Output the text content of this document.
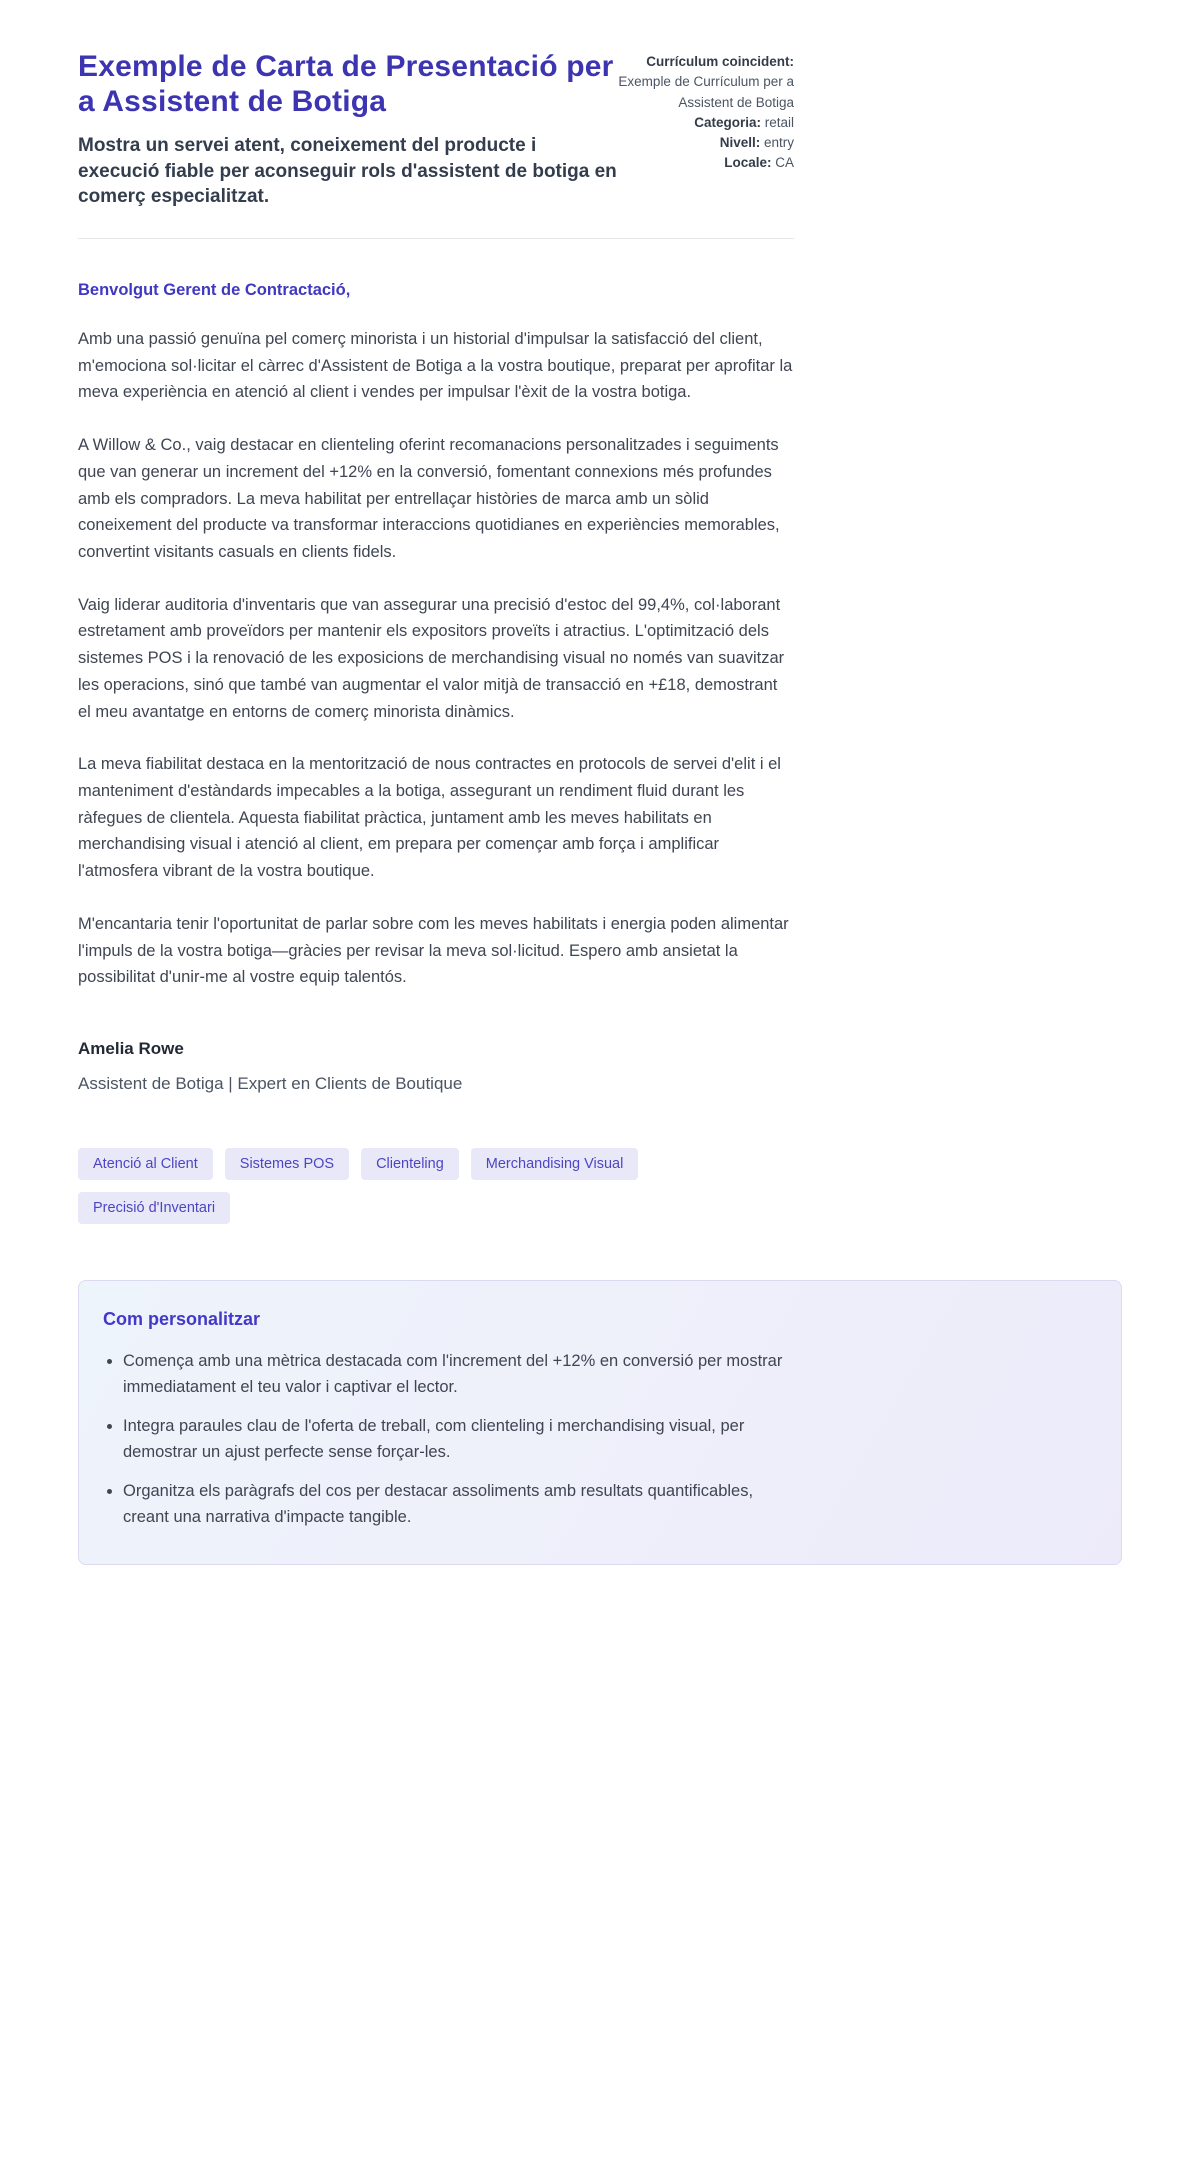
Exemple de Carta de Presentació per a Assistent de Botiga

Mostra un servei atent, coneixement del producte i execució fiable per aconseguir rols d'assistent de botiga en comerç especialitzat.

Currículum coincident: Exemple de Currículum per a Assistent de Botiga
Categoria: retail
Nivell: entry
Locale: CA

Benvolgut Gerent de Contractació,

Amb una passió genuïna pel comerç minorista i un historial d'impulsar la satisfacció del client, m'emociona sol·licitar el càrrec d'Assistent de Botiga a la vostra boutique, preparat per aprofitar la meva experiència en atenció al client i vendes per impulsar l'èxit de la vostra botiga.

A Willow & Co., vaig destacar en clienteling oferint recomanacions personalitzades i seguiments que van generar un increment del +12% en la conversió, fomentant connexions més profundes amb els compradors. La meva habilitat per entrellaçar històries de marca amb un sòlid coneixement del producte va transformar interaccions quotidianes en experiències memorables, convertint visitants casuals en clients fidels.

Vaig liderar auditoria d'inventaris que van assegurar una precisió d'estoc del 99,4%, col·laborant estretament amb proveïdors per mantenir els expositors proveïts i atractius. L'optimització dels sistemes POS i la renovació de les exposicions de merchandising visual no només van suavitzar les operacions, sinó que també van augmentar el valor mitjà de transacció en +£18, demostrant el meu avantatge en entorns de comerç minorista dinàmics.

La meva fiabilitat destaca en la mentorització de nous contractes en protocols de servei d'elit i el manteniment d'estàndards impecables a la botiga, assegurant un rendiment fluid durant les ràfegues de clientela. Aquesta fiabilitat pràctica, juntament amb les meves habilitats en merchandising visual i atenció al client, em prepara per començar amb força i amplificar l'atmosfera vibrant de la vostra boutique.

M'encantaria tenir l'oportunitat de parlar sobre com les meves habilitats i energia poden alimentar l'impuls de la vostra botiga—gràcies per revisar la meva sol·licitud. Espero amb ansietat la possibilitat d'unir-me al vostre equip talentós.

Amelia Rowe

Assistent de Botiga | Expert en Clients de Boutique

Atenció al Client	Sistemes POS	Clienteling	Merchandising Visual
Precisió d'Inventari
Com personalitzar
• Comença amb una mètrica destacada com l'increment del +12% en conversió per mostrar immediatament el teu valor i captivar el lector.
• Integra paraules clau de l'oferta de treball, com clienteling i merchandising visual, per demostrar un ajust perfecte sense forçar-les.
• Organitza els paràgrafs del cos per destacar assoliments amb resultats quantificables, creant una narrativa d'impacte tangible.
